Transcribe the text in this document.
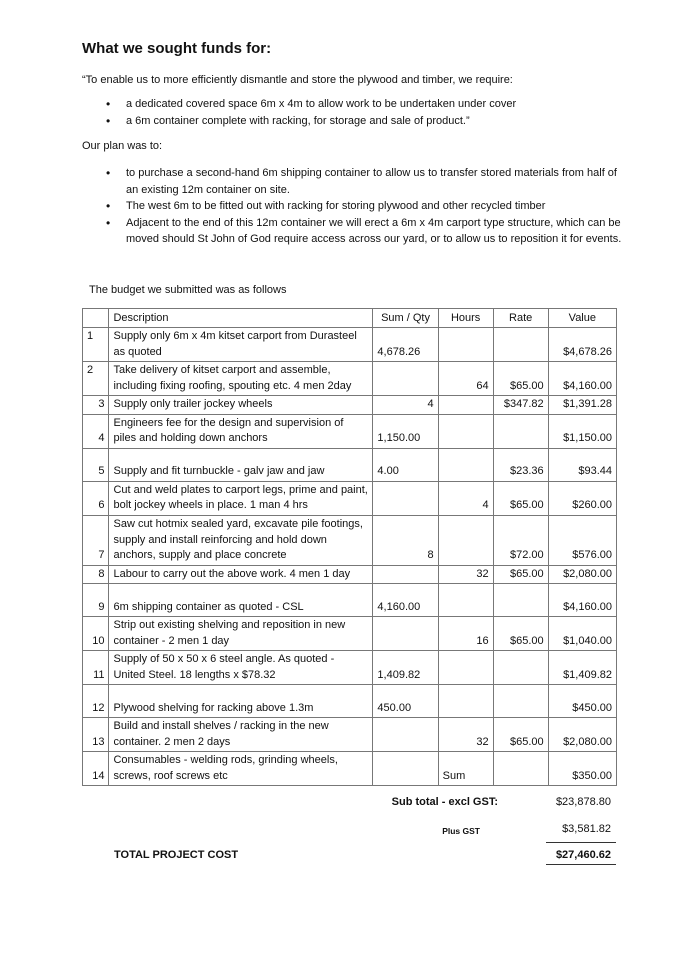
What we sought funds for:
“To enable us to more efficiently dismantle and store the plywood and timber, we require:
• a dedicated covered space 6m x 4m to allow work to be undertaken under cover
• a 6m container complete with racking, for storage and sale of product.”
Our plan was to:
• to purchase a second-hand 6m shipping container to allow us to transfer stored materials from half of an existing 12m container on site.
• The west 6m to be fitted out with racking for storing plywood and other recycled timber
• Adjacent to the end of this 12m container we will erect a 6m x 4m carport type structure, which can be moved should St John of God require access across our yard, or to allow us to reposition it for events.
The budget we submitted was as follows
	Description	Sum / Qty	Hours	Rate	Value
1	Supply only 6m x 4m kitset carport from Durasteel as quoted	4,678.26			$4,678.26
2	Take delivery of kitset carport and assemble, including fixing roofing, spouting etc. 4 men 2day		64	$65.00	$4,160.00
3	Supply only trailer jockey wheels	4		$347.82	$1,391.28
4	Engineers fee for the design and supervision of piles and holding down anchors	1,150.00			$1,150.00
5	Supply and fit turnbuckle - galv jaw and jaw	4.00		$23.36	$93.44
6	Cut and weld plates to carport legs, prime and paint, bolt jockey wheels in place. 1 man 4 hrs		4	$65.00	$260.00
7	Saw cut hotmix sealed yard, excavate pile footings, supply and install reinforcing and hold down anchors, supply and place concrete	8		$72.00	$576.00
8	Labour to carry out the above work. 4 men 1 day		32	$65.00	$2,080.00
9	6m shipping container as quoted - CSL	4,160.00			$4,160.00
10	Strip out existing shelving and reposition in new container - 2 men 1 day		16	$65.00	$1,040.00
11	Supply of 50 x 50 x 6 steel angle. As quoted - United Steel. 18 lengths x $78.32	1,409.82			$1,409.82
12	Plywood shelving for racking above 1.3m	450.00			$450.00
13	Build and install shelves / racking in the new container. 2 men 2 days		32	$65.00	$2,080.00
14	Consumables - welding rods, grinding wheels, screws, roof screws etc		Sum		$350.00
Sub total - excl GST:	$23,878.80
Plus GST	$3,581.82
TOTAL PROJECT COST	$27,460.62
